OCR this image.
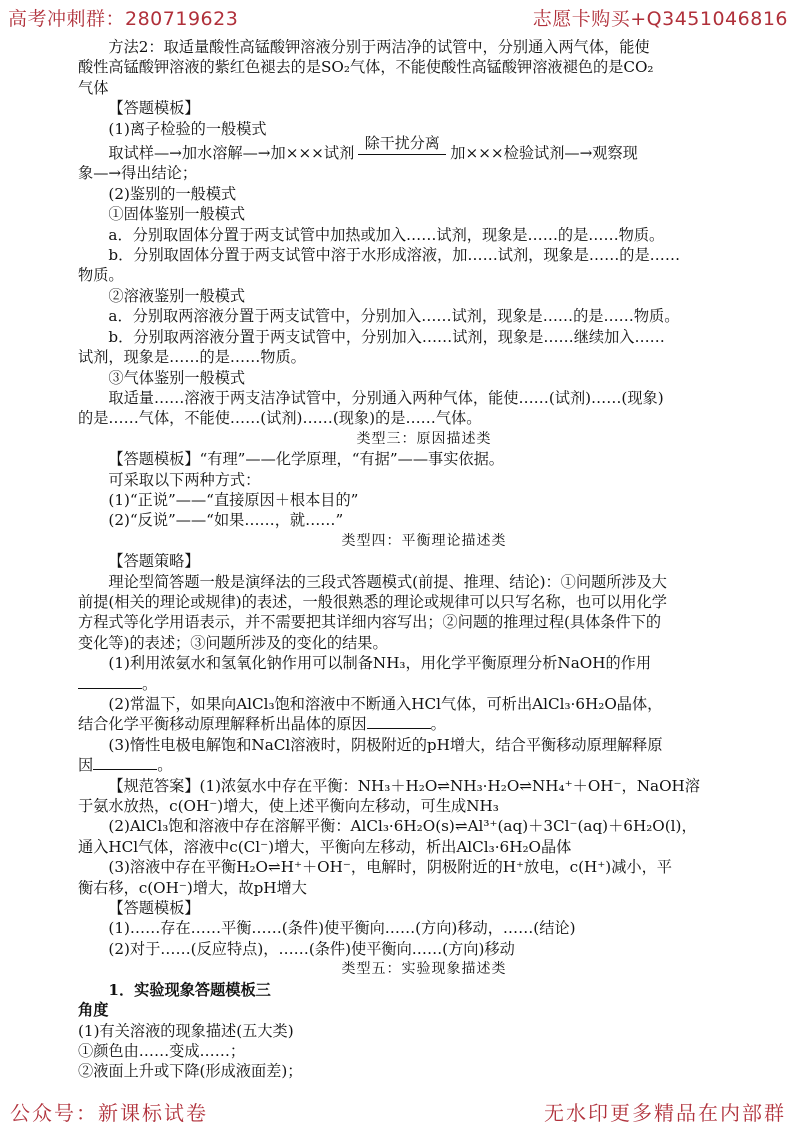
高考冲刺群：280719623	志愿卡购买+Q3451046816

方法2：取适量酸性高锰酸钾溶液分别于两洁净的试管中，分别通入两气体，能使

酸性高锰酸钾溶液的紫红色褪去的是SO₂气体，不能使酸性高锰酸钾溶液褪色的是CO₂

气体

【答题模板】

(1)离子检验的一般模式

取试样—→加水溶解—→加×××试剂
除干扰分离
加×××检验试剂—→观察现

象—→得出结论；

(2)鉴别的一般模式

①固体鉴别一般模式

a．分别取固体分置于两支试管中加热或加入……试剂，现象是……的是……物质。

b．分别取固体分置于两支试管中溶于水形成溶液，加……试剂，现象是……的是……

物质。

②溶液鉴别一般模式

a．分别取两溶液分置于两支试管中，分别加入……试剂，现象是……的是……物质。

b．分别取两溶液分置于两支试管中，分别加入……试剂，现象是……继续加入……

试剂，现象是……的是……物质。

③气体鉴别一般模式

取适量……溶液于两支洁净试管中，分别通入两种气体，能使……(试剂)……(现象)

的是……气体，不能使……(试剂)……(现象)的是……气体。

类型三：原因描述类

【答题模板】“有理”——化学原理，“有据”——事实依据。

可采取以下两种方式：

(1)“正说”——“直接原因＋根本目的”

(2)“反说”——“如果……，就……”

类型四：平衡理论描述类

【答题策略】

理论型简答题一般是演绎法的三段式答题模式(前提、推理、结论)：①问题所涉及大

前提(相关的理论或规律)的表述，一般很熟悉的理论或规律可以只写名称，也可以用化学

方程式等化学用语表示，并不需要把其详细内容写出；②问题的推理过程(具体条件下的

变化等)的表述；③问题所涉及的变化的结果。

(1)利用浓氨水和氢氧化钠作用可以制备NH₃，用化学平衡原理分析NaOH的作用

。

(2)常温下，如果向AlCl₃饱和溶液中不断通入HCl气体，可析出AlCl₃·6H₂O晶体，

结合化学平衡移动原理解释析出晶体的原因	。

(3)惰性电极电解饱和NaCl溶液时，阴极附近的pH增大，结合平衡移动原理解释原

因	。

【规范答案】(1)浓氨水中存在平衡：NH₃＋H₂O⇌NH₃·H₂O⇌NH₄⁺＋OH⁻，NaOH溶

于氨水放热，c(OH⁻)增大，使上述平衡向左移动，可生成NH₃

(2)AlCl₃饱和溶液中存在溶解平衡：AlCl₃·6H₂O(s)⇌Al³⁺(aq)＋3Cl⁻(aq)＋6H₂O(l)，

通入HCl气体，溶液中c(Cl⁻)增大，平衡向左移动，析出AlCl₃·6H₂O晶体

(3)溶液中存在平衡H₂O⇌H⁺＋OH⁻，电解时，阴极附近的H⁺放电，c(H⁺)减小，平

衡右移，c(OH⁻)增大，故pH增大

【答题模板】

(1)……存在……平衡……(条件)使平衡向……(方向)移动，……(结论)

(2)对于……(反应特点)，……(条件)使平衡向……(方向)移动

类型五：实验现象描述类

1．实验现象答题模板三

角度

(1)有关溶液的现象描述(五大类)

①颜色由……变成……；

②液面上升或下降(形成液面差)；

公众号：新课标试卷	无水印更多精品在内部群
